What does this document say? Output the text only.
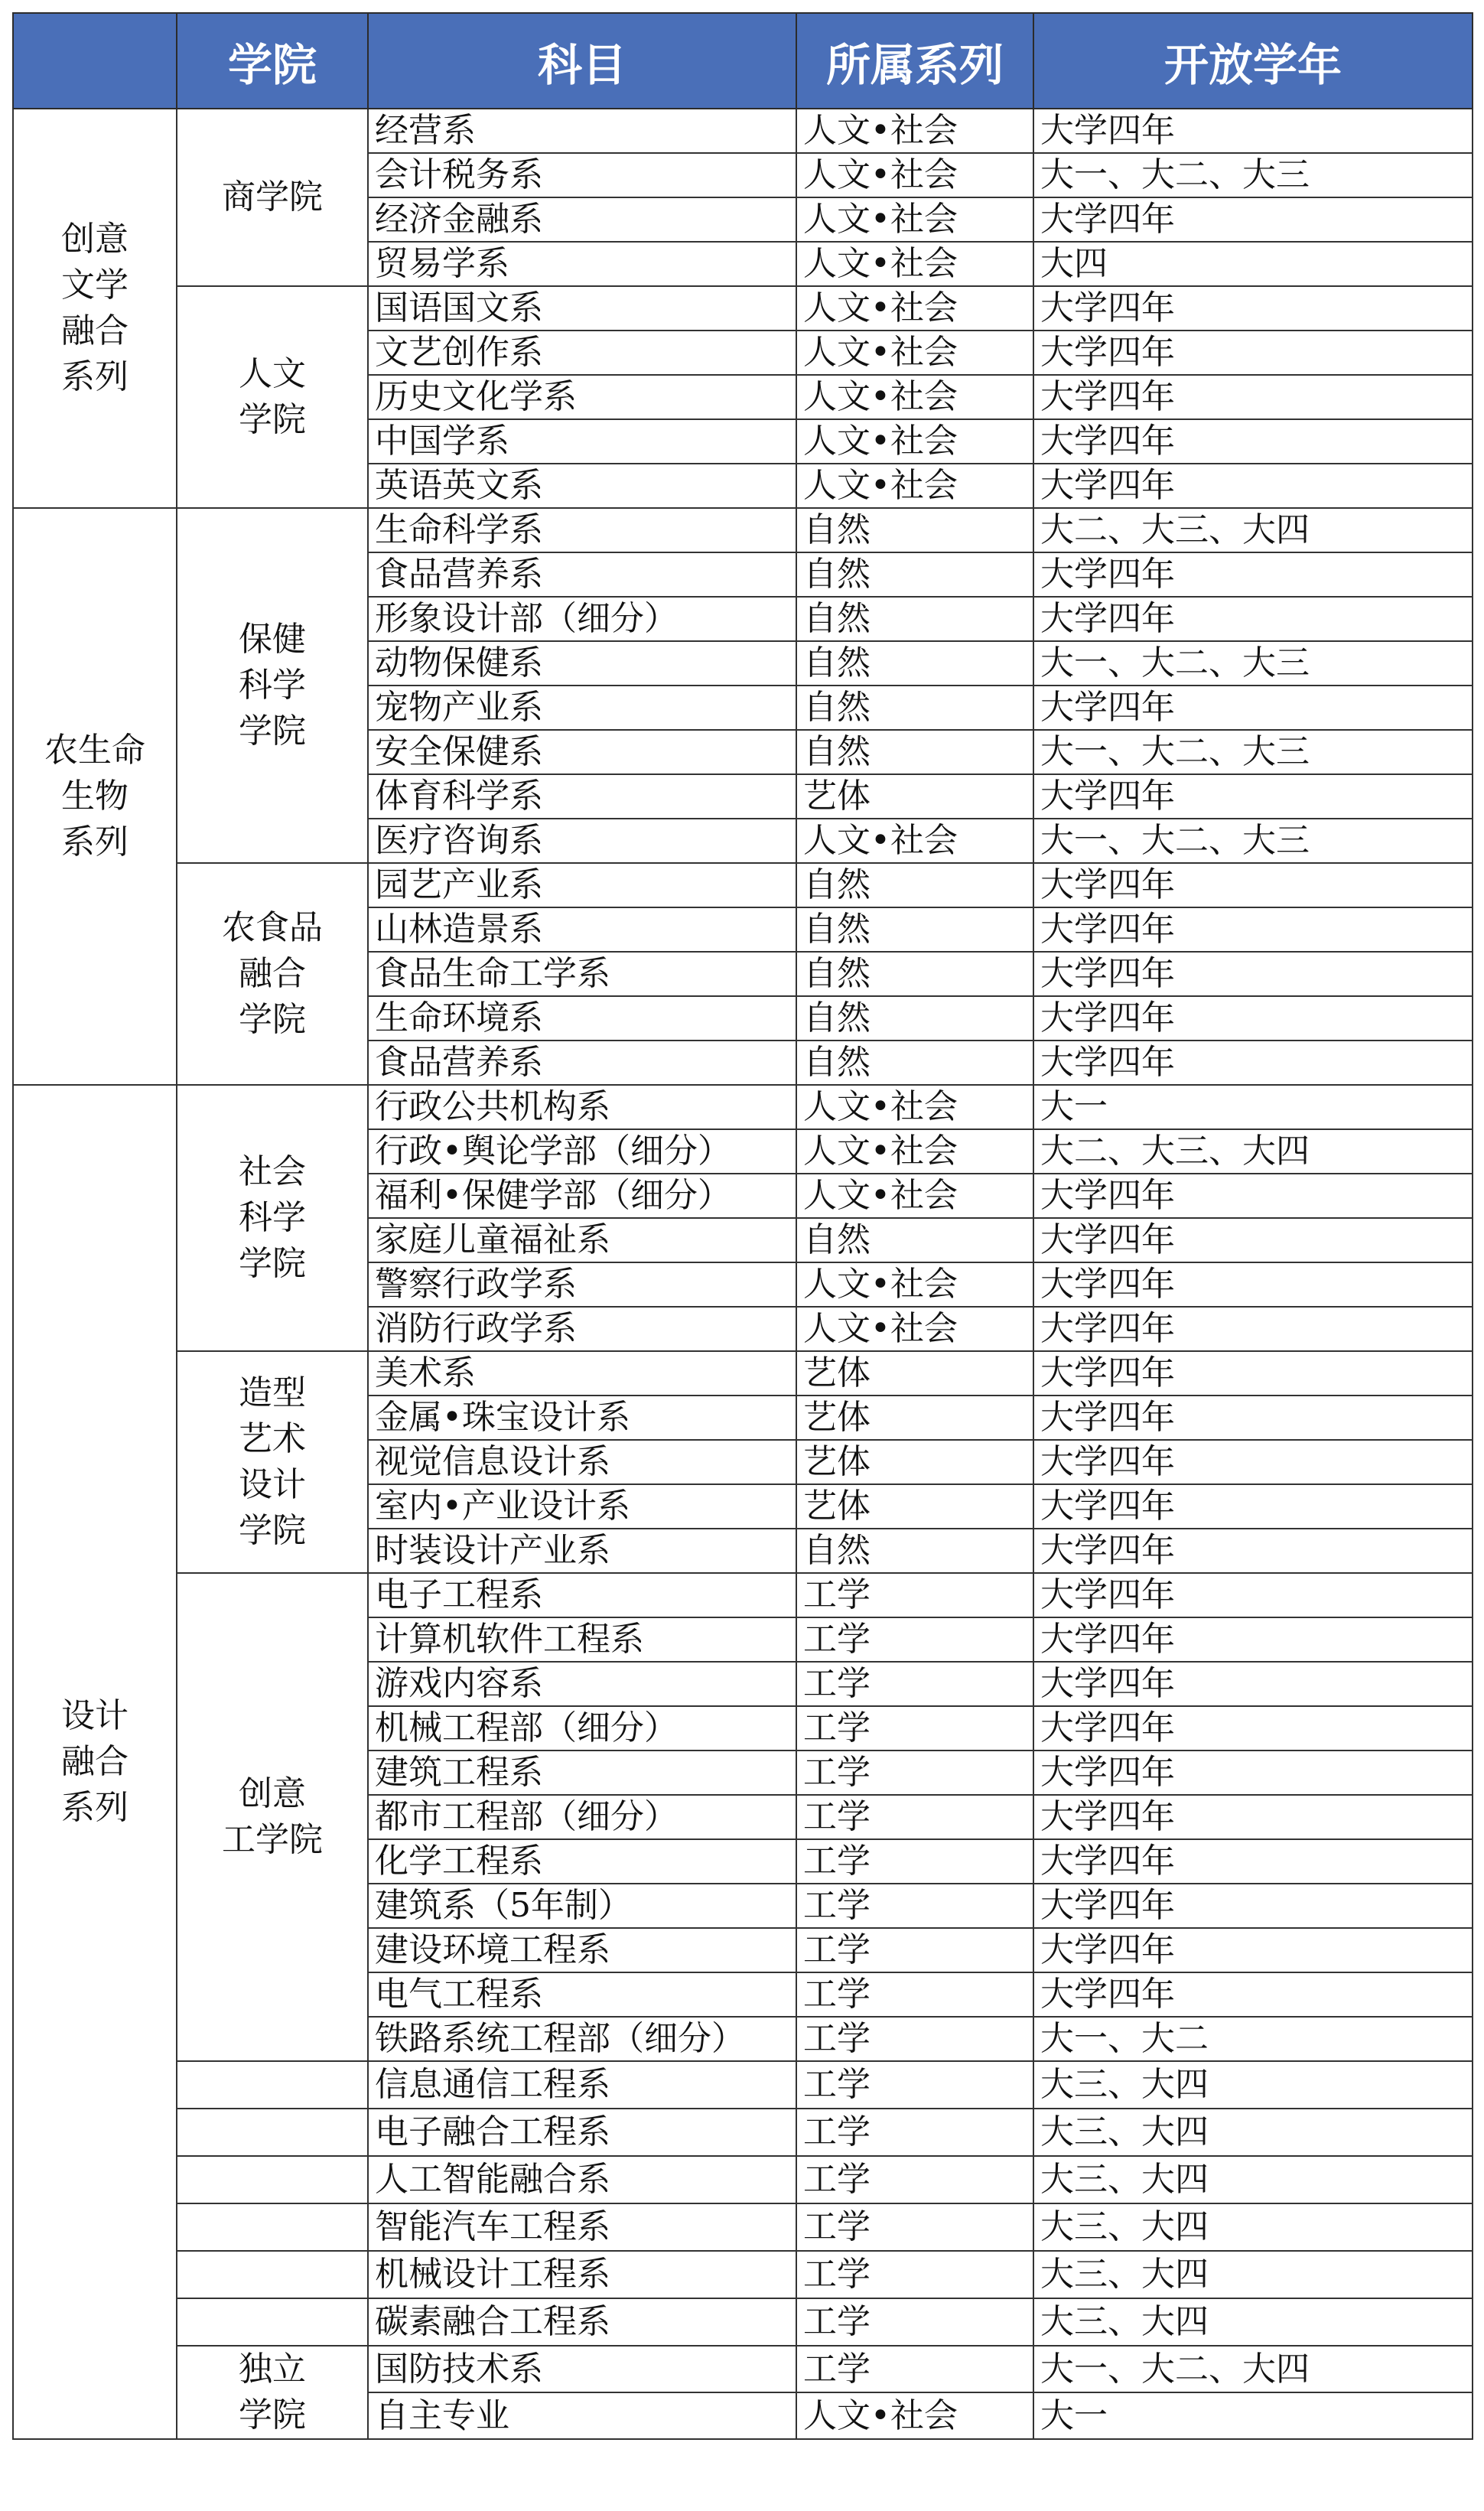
	学院	科目	所属系列	开放学年
创意
文学
融合
系列	商学院	经营系	人文•社会	大学四年
		会计税务系	人文•社会	大一、大二、大三
		经济金融系	人文•社会	大学四年
		贸易学系	人文•社会	大四
	人文
学院	国语国文系	人文•社会	大学四年
		文艺创作系	人文•社会	大学四年
		历史文化学系	人文•社会	大学四年
		中国学系	人文•社会	大学四年
		英语英文系	人文•社会	大学四年
农生命
生物
系列	保健
科学
学院	生命科学系	自然	大二、大三、大四
		食品营养系	自然	大学四年
		形象设计部（细分）	自然	大学四年
		动物保健系	自然	大一、大二、大三
		宠物产业系	自然	大学四年
		安全保健系	自然	大一、大二、大三
		体育科学系	艺体	大学四年
		医疗咨询系	人文•社会	大一、大二、大三
	农食品
融合
学院	园艺产业系	自然	大学四年
		山林造景系	自然	大学四年
		食品生命工学系	自然	大学四年
		生命环境系	自然	大学四年
		食品营养系	自然	大学四年
设计
融合
系列	社会
科学
学院	行政公共机构系	人文•社会	大一
		行政•舆论学部（细分）	人文•社会	大二、大三、大四
		福利•保健学部（细分）	人文•社会	大学四年
		家庭儿童福祉系	自然	大学四年
		警察行政学系	人文•社会	大学四年
		消防行政学系	人文•社会	大学四年
	造型
艺术
设计
学院	美术系	艺体	大学四年
		金属•珠宝设计系	艺体	大学四年
		视觉信息设计系	艺体	大学四年
		室内•产业设计系	艺体	大学四年
		时装设计产业系	自然	大学四年
	创意
工学院	电子工程系	工学	大学四年
		计算机软件工程系	工学	大学四年
		游戏内容系	工学	大学四年
		机械工程部（细分）	工学	大学四年
		建筑工程系	工学	大学四年
		都市工程部（细分）	工学	大学四年
		化学工程系	工学	大学四年
		建筑系（5年制）	工学	大学四年
		建设环境工程系	工学	大学四年
		电气工程系	工学	大学四年
		铁路系统工程部（细分）	工学	大一、大二
		信息通信工程系	工学	大三、大四
		电子融合工程系	工学	大三、大四
		人工智能融合系	工学	大三、大四
		智能汽车工程系	工学	大三、大四
		机械设计工程系	工学	大三、大四
		碳素融合工程系	工学	大三、大四
	独立
学院	国防技术系	工学	大一、大二、大四
		自主专业	人文•社会	大一
